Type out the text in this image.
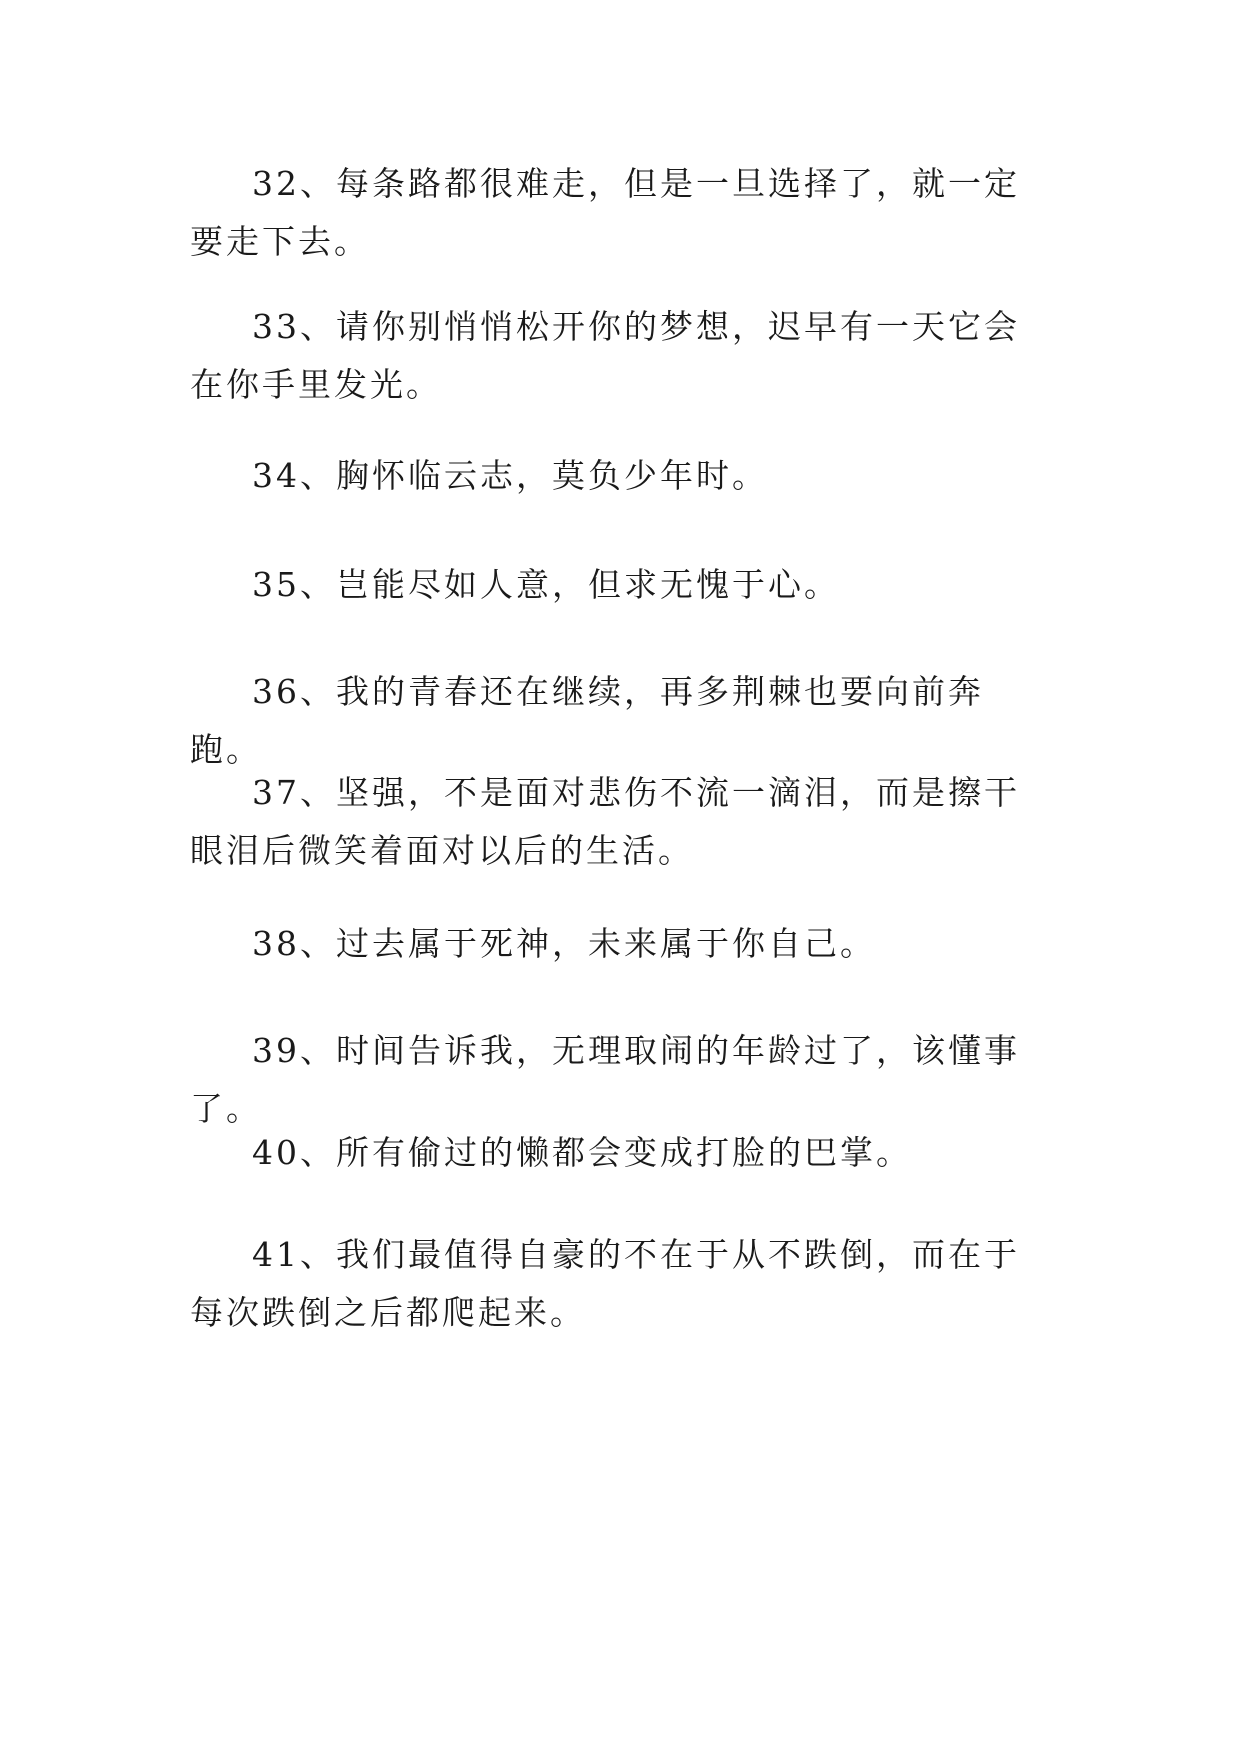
32、每条路都很难走，但是一旦选择了，就一定要走下去。

33、请你别悄悄松开你的梦想，迟早有一天它会在你手里发光。

34、胸怀临云志，莫负少年时。

35、岂能尽如人意，但求无愧于心。

36、我的青春还在继续，再多荆棘也要向前奔跑。

37、坚强，不是面对悲伤不流一滴泪，而是擦干眼泪后微笑着面对以后的生活。

38、过去属于死神，未来属于你自己。

39、时间告诉我，无理取闹的年龄过了，该懂事了。

40、所有偷过的懒都会变成打脸的巴掌。

41、我们最值得自豪的不在于从不跌倒，而在于每次跌倒之后都爬起来。
